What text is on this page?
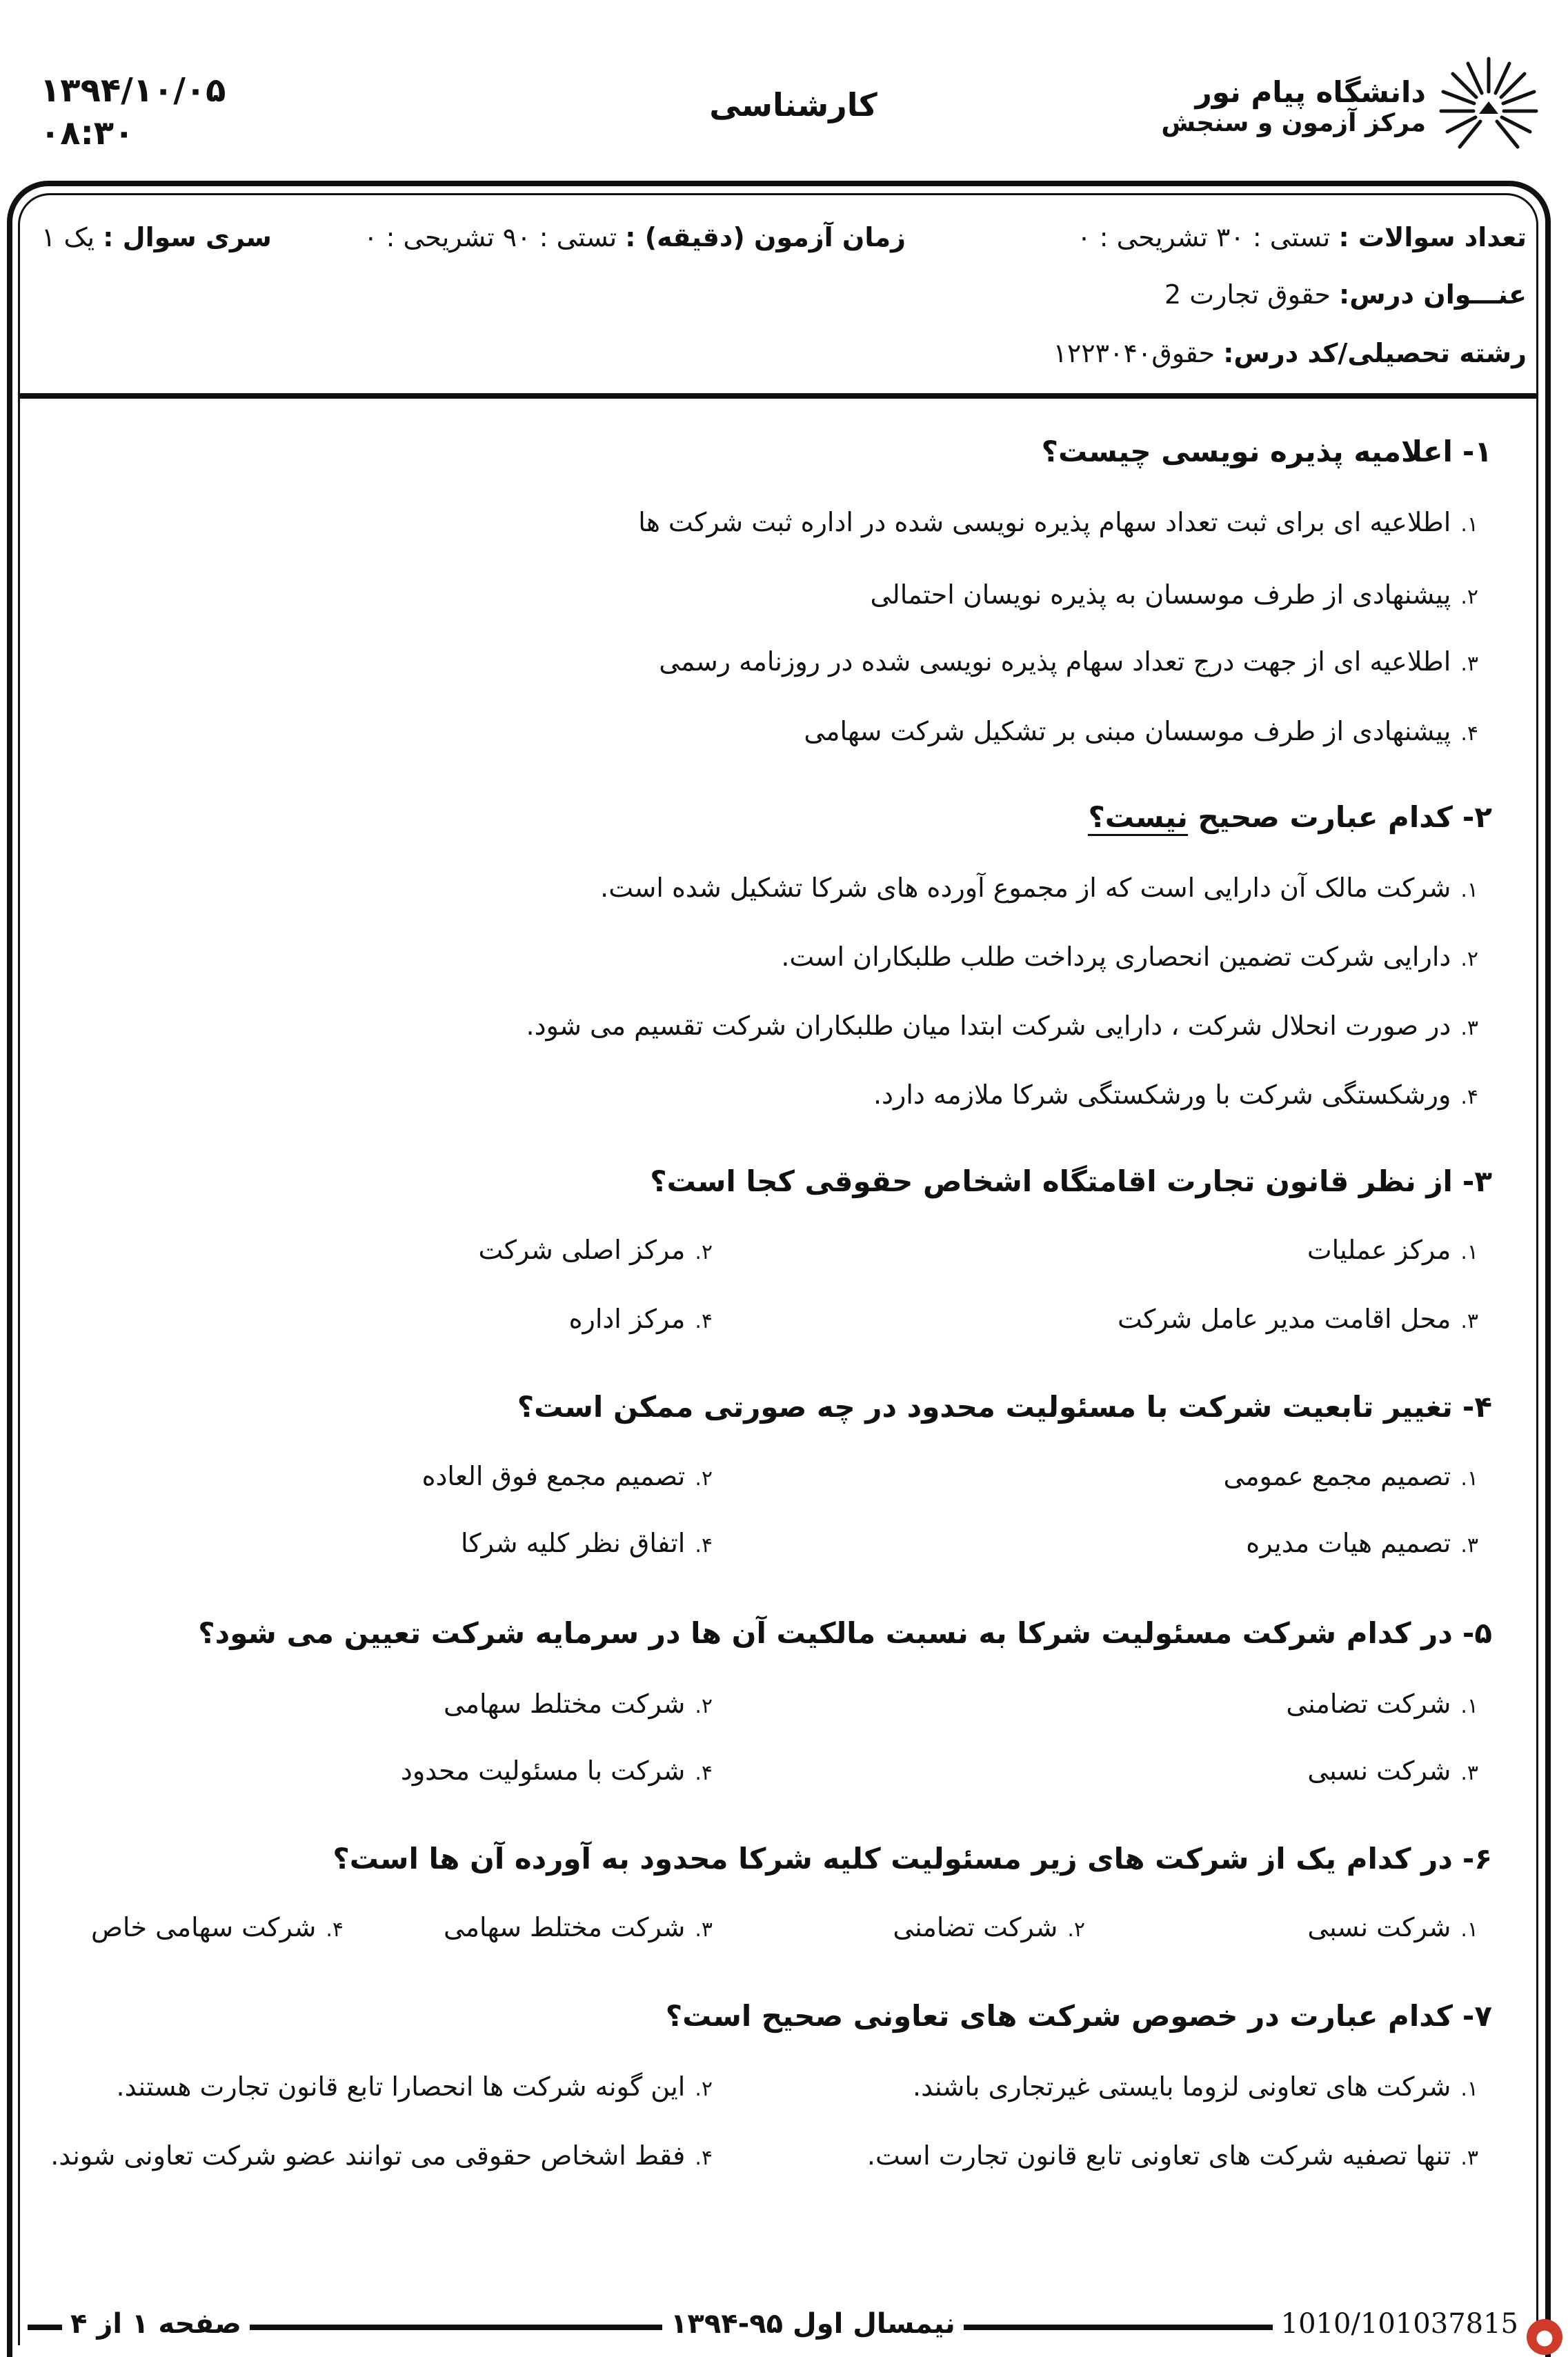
۱۳۹۴/۱۰/۰۵
۰۸:۳۰
کارشناسی	دانشگاه پیام نور
مرکز آزمون و سنجش
تعداد سوالات : تستی : ۳۰ تشریحی : ۰
زمان آزمون (دقیقه) : تستی : ۹۰ تشریحی : ۰
سری سوال : یک ۱
عنـــوان درس: حقوق تجارت 2
رشته تحصیلی/کد درس: حقوق۱۲۲۳۰۴۰
۱-اعلامیه پذیره نویسی چیست؟
۱.اطلاعیه ای برای ثبت تعداد سهام پذیره نویسی شده در اداره ثبت شرکت ها
۲.پیشنهادی از طرف موسسان به پذیره نویسان احتمالی
۳.اطلاعیه ای از جهت درج تعداد سهام پذیره نویسی شده در روزنامه رسمی
۴.پیشنهادی از طرف موسسان مبنی بر تشکیل شرکت سهامی
۲-کدام عبارت صحیح نیست؟
۱.شرکت مالک آن دارایی است که از مجموع آورده های شرکا تشکیل شده است.
۲.دارایی شرکت تضمین انحصاری پرداخت طلب طلبکاران است.
۳.در صورت انحلال شرکت ، دارایی شرکت ابتدا میان طلبکاران شرکت تقسیم می شود.
۴.ورشکستگی شرکت با ورشکستگی شرکا ملازمه دارد.
۳-از نظر قانون تجارت اقامتگاه اشخاص حقوقی کجا است؟
۱.مرکز عملیات
۲.مرکز اصلی شرکت
۳.محل اقامت مدیر عامل شرکت
۴.مرکز اداره
۴-تغییر تابعیت شرکت با مسئولیت محدود در چه صورتی ممکن است؟
۱.تصمیم مجمع عمومی
۲.تصمیم مجمع فوق العاده
۳.تصمیم هیات مدیره
۴.اتفاق نظر کلیه شرکا
۵-در کدام شرکت مسئولیت شرکا به نسبت مالکیت آن ها در سرمایه شرکت تعیین می شود؟
۱.شرکت تضامنی
۲.شرکت مختلط سهامی
۳.شرکت نسبی
۴.شرکت با مسئولیت محدود
۶-در کدام یک از شرکت های زیر مسئولیت کلیه شرکا محدود به آورده آن ها است؟
۱.شرکت نسبی
۲.شرکت تضامنی
۳.شرکت مختلط سهامی
۴.شرکت سهامی خاص
۷-کدام عبارت در خصوص شرکت های تعاونی صحیح است؟
۱.شرکت های تعاونی لزوما بایستی غیرتجاری باشند.
۲.این گونه شرکت ها انحصارا تابع قانون تجارت هستند.
۳.تنها تصفیه شرکت های تعاونی تابع قانون تجارت است.
۴.فقط اشخاص حقوقی می توانند عضو شرکت تعاونی شوند.
صفحه ۱ از ۴	نیمسال اول ۹۵-۱۳۹۴	1010/101037815 ●
